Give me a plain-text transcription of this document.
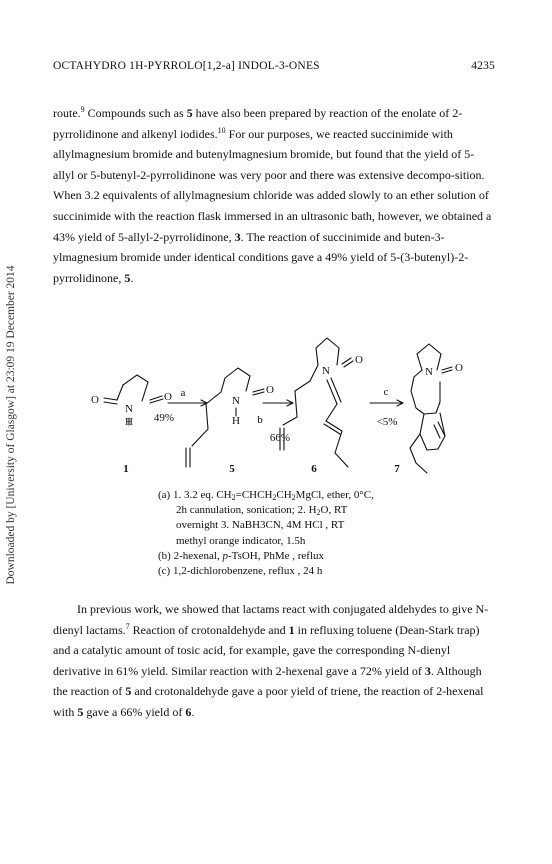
Downloaded by [University of Glasgow] at 23:09 19 December 2014
OCTAHYDRO 1H-PYRROLO[1,2-a] INDOL-3-ONES	4235

route.$^9$ Compounds such as 5 have also been prepared by reaction of the enolate of 2-pyrrolidinone and alkenyl iodides.$^{10}$ For our purposes, we reacted succinimide with allylmagnesium bromide and butenylmagnesium bromide, but found that the yield of 5-allyl or 5-butenyl-2-pyrrolidinone was very poor and there was extensive decompo-sition. When 3.2 equivalents of allylmagnesium chloride was added slowly to an ether solution of succinimide with the reaction flask immersed in an ultrasonic bath, however, we obtained a 43% yield of 5-allyl-2-pyrrolidinone, 3. The reaction of succinimide and buten-3-ylmagnesium bromide under identical conditions gave a 49% yield of 5-(3-butenyl)-2-pyrrolidinone, 5.

O
N
H
O a
49%
N
H
O
b
66%
N
O
c
<5%
N O
1	5	6	7
(a) 1. 3.2 eq. $CH_2=CHCH_2CH_2MgCl$, ether, 0°C,
2h cannulation, sonication; 2. $H_2O$, RT
overnight 3. NaBH3CN, 4M HCl , RT
methyl orange indicator, 1.5h
(b) 2-hexenal, p-TsOH, PhMe , reflux
(c) 1,2-dichlorobenzene, reflux , 24 h

In previous work, we showed that lactams react with conjugated aldehydes to give N-dienyl lactams.$^7$ Reaction of crotonaldehyde and 1 in refluxing toluene (Dean-Stark trap) and a catalytic amount of tosic acid, for example, gave the corresponding N-dienyl derivative in 61% yield. Similar reaction with 2-hexenal gave a 72% yield of 3. Although the reaction of 5 and crotonaldehyde gave a poor yield of triene, the reaction of 2-hexenal with 5 gave a 66% yield of 6.
